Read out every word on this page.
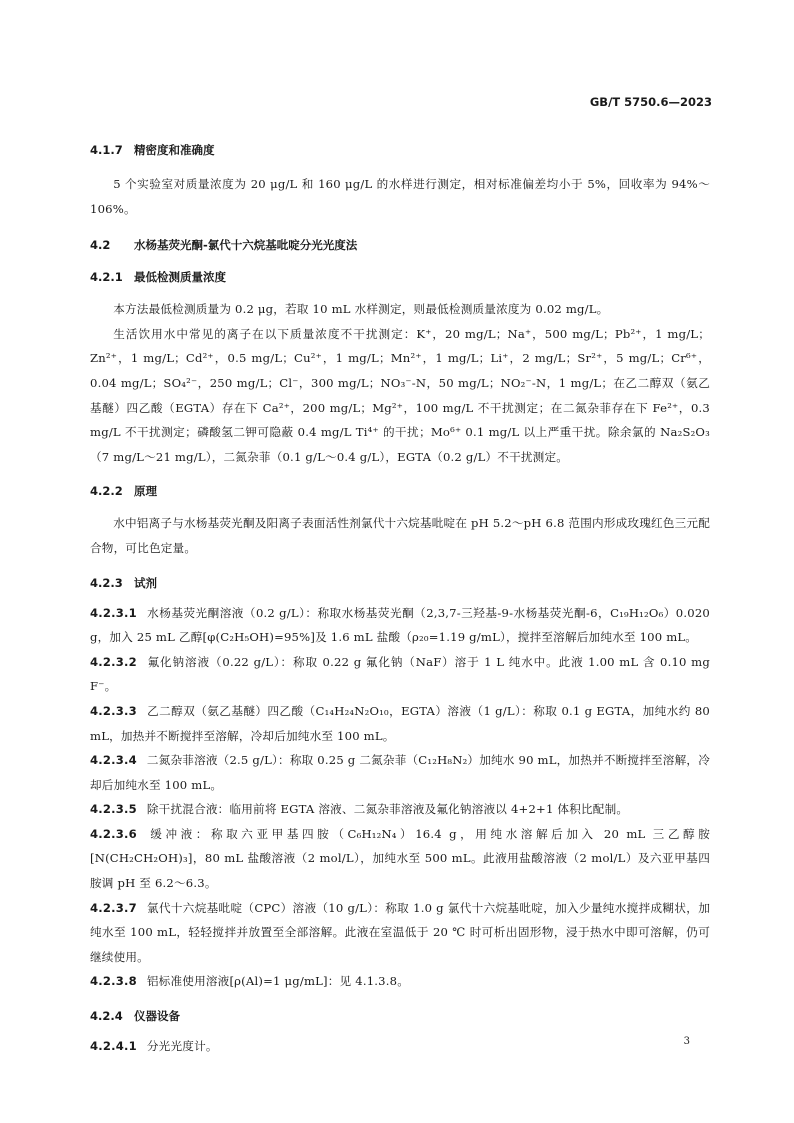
GB/T 5750.6—2023
4.1.7 精密度和准确度

5 个实验室对质量浓度为 20 μg/L 和 160 μg/L 的水样进行测定，相对标准偏差均小于 5%，回收率为 94%～106%。

4.2 水杨基荧光酮-氯代十六烷基吡啶分光光度法
4.2.1 最低检测质量浓度

本方法最低检测质量为 0.2 μg，若取 10 mL 水样测定，则最低检测质量浓度为 0.02 mg/L。

生活饮用水中常见的离子在以下质量浓度不干扰测定：K⁺，20 mg/L；Na⁺，500 mg/L；Pb²⁺，1 mg/L；Zn²⁺，1 mg/L；Cd²⁺，0.5 mg/L；Cu²⁺，1 mg/L；Mn²⁺，1 mg/L；Li⁺，2 mg/L；Sr²⁺，5 mg/L；Cr⁶⁺，0.04 mg/L；SO₄²⁻，250 mg/L；Cl⁻，300 mg/L；NO₃⁻-N，50 mg/L；NO₂⁻-N，1 mg/L；在乙二醇双（氨乙基醚）四乙酸（EGTA）存在下 Ca²⁺，200 mg/L；Mg²⁺，100 mg/L 不干扰测定；在二氮杂菲存在下 Fe²⁺，0.3 mg/L 不干扰测定；磷酸氢二钾可隐蔽 0.4 mg/L Ti⁴⁺ 的干扰；Mo⁶⁺ 0.1 mg/L 以上严重干扰。除余氯的 Na₂S₂O₃（7 mg/L～21 mg/L），二氮杂菲（0.1 g/L～0.4 g/L），EGTA（0.2 g/L）不干扰测定。

4.2.2 原理

水中铝离子与水杨基荧光酮及阳离子表面活性剂氯代十六烷基吡啶在 pH 5.2～pH 6.8 范围内形成玫瑰红色三元配合物，可比色定量。

4.2.3 试剂

4.2.3.1 水杨基荧光酮溶液（0.2 g/L）：称取水杨基荧光酮（2,3,7-三羟基-9-水杨基荧光酮-6，C₁₉H₁₂O₆）0.020 g，加入 25 mL 乙醇[φ(C₂H₅OH)=95%]及 1.6 mL 盐酸（ρ₂₀=1.19 g/mL），搅拌至溶解后加纯水至 100 mL。

4.2.3.2 氟化钠溶液（0.22 g/L）：称取 0.22 g 氟化钠（NaF）溶于 1 L 纯水中。此液 1.00 mL 含 0.10 mg F⁻。

4.2.3.3 乙二醇双（氨乙基醚）四乙酸（C₁₄H₂₄N₂O₁₀，EGTA）溶液（1 g/L）：称取 0.1 g EGTA，加纯水约 80 mL，加热并不断搅拌至溶解，冷却后加纯水至 100 mL。

4.2.3.4 二氮杂菲溶液（2.5 g/L）：称取 0.25 g 二氮杂菲（C₁₂H₈N₂）加纯水 90 mL，加热并不断搅拌至溶解，冷却后加纯水至 100 mL。

4.2.3.5 除干扰混合液：临用前将 EGTA 溶液、二氮杂菲溶液及氟化钠溶液以 4+2+1 体积比配制。

4.2.3.6 缓冲液：称取六亚甲基四胺（C₆H₁₂N₄）16.4 g，用纯水溶解后加入 20 mL 三乙醇胺[N(CH₂CH₂OH)₃]，80 mL 盐酸溶液（2 mol/L），加纯水至 500 mL。此液用盐酸溶液（2 mol/L）及六亚甲基四胺调 pH 至 6.2～6.3。

4.2.3.7 氯代十六烷基吡啶（CPC）溶液（10 g/L）：称取 1.0 g 氯代十六烷基吡啶，加入少量纯水搅拌成糊状，加纯水至 100 mL，轻轻搅拌并放置至全部溶解。此液在室温低于 20 ℃ 时可析出固形物，浸于热水中即可溶解，仍可继续使用。

4.2.3.8 铝标准使用溶液[ρ(Al)=1 μg/mL]：见 4.1.3.8。

4.2.4 仪器设备

4.2.4.1 分光光度计。	3
